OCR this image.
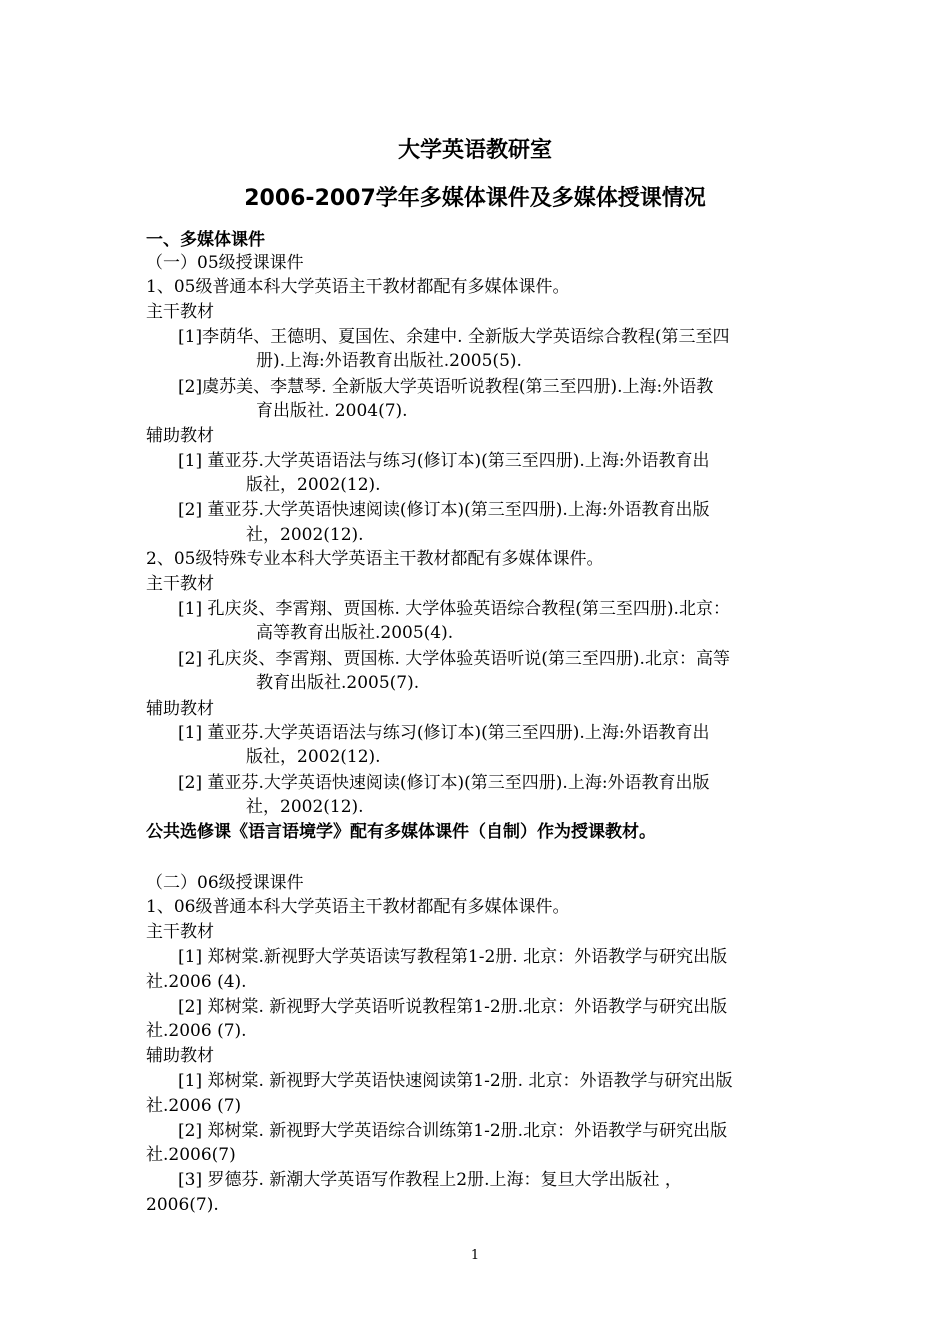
大学英语教研室
2006-2007学年多媒体课件及多媒体授课情况
一、多媒体课件
（一）05级授课课件
1、05级普通本科大学英语主干教材都配有多媒体课件。
主干教材
[1]李荫华、王德明、夏国佐、余建中. 全新版大学英语综合教程(第三至四
册).上海:外语教育出版社.2005(5).
[2]虞苏美、李慧琴. 全新版大学英语听说教程(第三至四册).上海:外语教
育出版社. 2004(7).
辅助教材
[1] 董亚芬.大学英语语法与练习(修订本)(第三至四册).上海:外语教育出
版社，2002(12).
[2] 董亚芬.大学英语快速阅读(修订本)(第三至四册).上海:外语教育出版
社，2002(12).
2、05级特殊专业本科大学英语主干教材都配有多媒体课件。
主干教材
[1] 孔庆炎、李霄翔、贾国栋. 大学体验英语综合教程(第三至四册).北京：
高等教育出版社.2005(4).
[2] 孔庆炎、李霄翔、贾国栋. 大学体验英语听说(第三至四册).北京：高等
教育出版社.2005(7).
辅助教材
[1] 董亚芬.大学英语语法与练习(修订本)(第三至四册).上海:外语教育出
版社，2002(12).
[2] 董亚芬.大学英语快速阅读(修订本)(第三至四册).上海:外语教育出版
社，2002(12).
公共选修课《语言语境学》配有多媒体课件（自制）作为授课教材。
（二）06级授课课件
1、06级普通本科大学英语主干教材都配有多媒体课件。
主干教材
[1] 郑树棠.新视野大学英语读写教程第1-2册. 北京：外语教学与研究出版
社.2006 (4).
[2] 郑树棠. 新视野大学英语听说教程第1-2册.北京：外语教学与研究出版
社.2006 (7).
辅助教材
[1] 郑树棠. 新视野大学英语快速阅读第1-2册. 北京：外语教学与研究出版
社.2006 (7)
[2] 郑树棠. 新视野大学英语综合训练第1-2册.北京：外语教学与研究出版
社.2006(7)
[3] 罗德芬. 新潮大学英语写作教程上2册.上海：复旦大学出版社 ，
2006(7).
1
